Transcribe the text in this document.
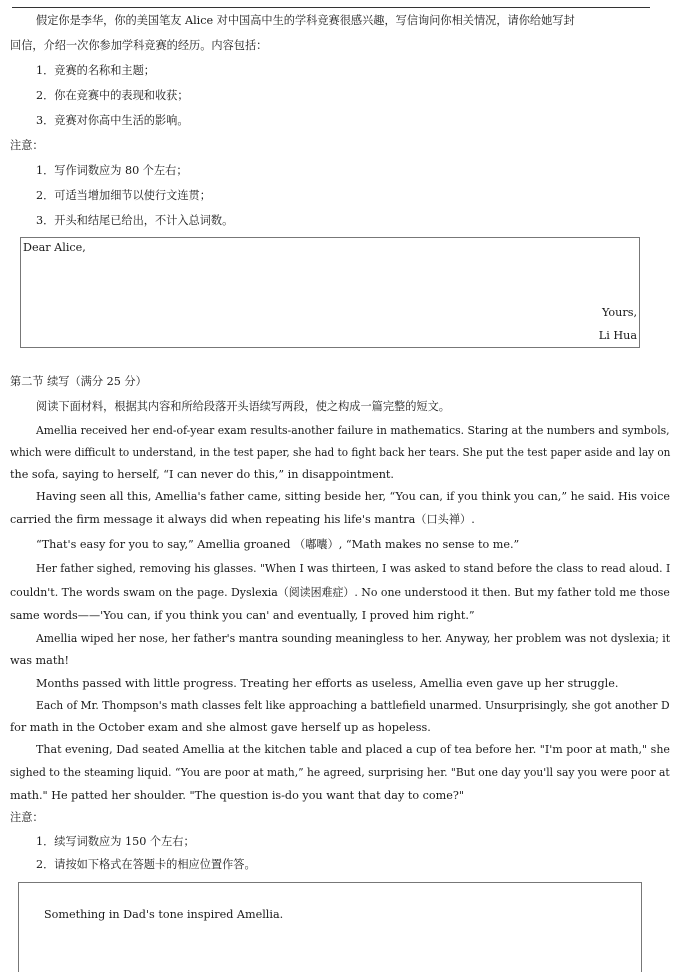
假定你是李华，你的美国笔友 Alice 对中国高中生的学科竞赛很感兴趣，写信询问你相关情况，请你给她写封
回信，介绍一次你参加学科竞赛的经历。内容包括：
1．竞赛的名称和主题；
2．你在竞赛中的表现和收获；
3．竞赛对你高中生活的影响。
注意：
1．写作词数应为 80 个左右；
2．可适当增加细节以使行文连贯；
3．开头和结尾已给出，不计入总词数。
Dear Alice,
Yours,
Li Hua
第二节 续写（满分 25 分）
阅读下面材料，根据其内容和所给段落开头语续写两段，使之构成一篇完整的短文。
Amellia received her end-of-year exam results-another failure in mathematics. Staring at the numbers and symbols,
which were difficult to understand, in the test paper, she had to fight back her tears. She put the test paper aside and lay on
the sofa, saying to herself, “I can never do this,” in disappointment.
Having seen all this, Amellia's father came, sitting beside her, “You can, if you think you can,” he said. His voice
carried the firm message it always did when repeating his life's mantra（口头禅）.
“That's easy for you to say,” Amellia groaned （嘟囔）, “Math makes no sense to me.”
Her father sighed, removing his glasses. "When I was thirteen, I was asked to stand before the class to read aloud. I
couldn't. The words swam on the page. Dyslexia（阅读困难症）. No one understood it then. But my father told me those
same words——'You can, if you think you can' and eventually, I proved him right.”
Amellia wiped her nose, her father's mantra sounding meaningless to her. Anyway, her problem was not dyslexia; it
was math!
Months passed with little progress. Treating her efforts as useless, Amellia even gave up her struggle.
Each of Mr. Thompson's math classes felt like approaching a battlefield unarmed. Unsurprisingly, she got another D
for math in the October exam and she almost gave herself up as hopeless.
That evening, Dad seated Amellia at the kitchen table and placed a cup of tea before her. "I'm poor at math," she
sighed to the steaming liquid. “You are poor at math,” he agreed, surprising her. "But one day you'll say you were poor at
math." He patted her shoulder. "The question is-do you want that day to come?"
注意：
1．续写词数应为 150 个左右；
2．请按如下格式在答题卡的相应位置作答。
Something in Dad's tone inspired Amellia.
